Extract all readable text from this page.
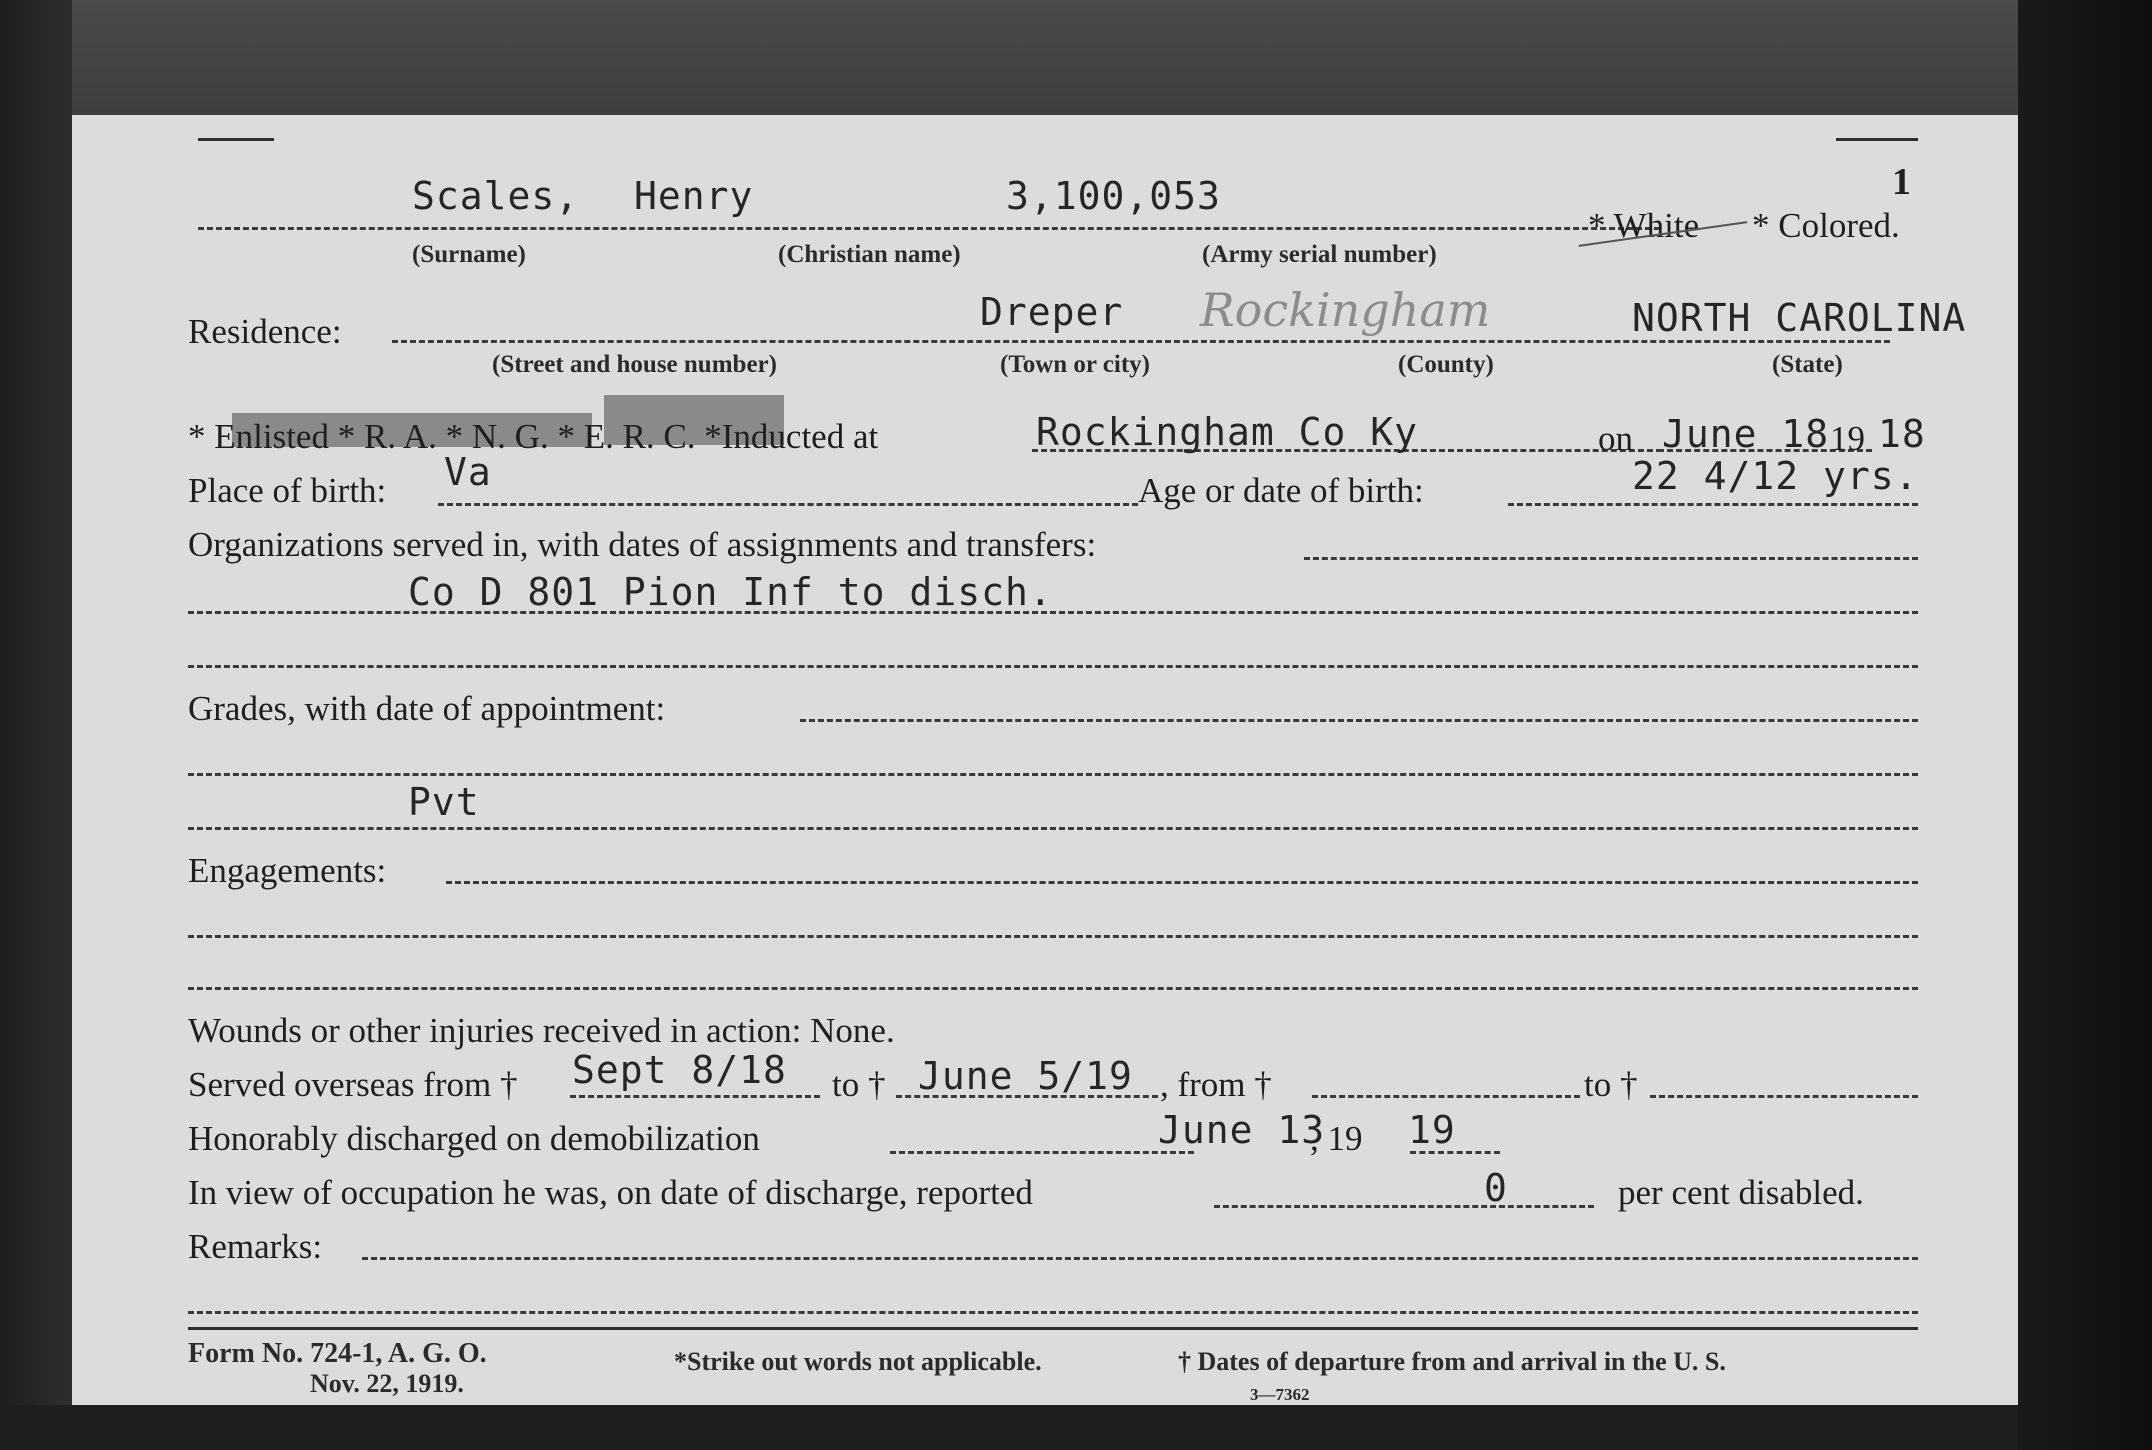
1
Scales, Henry	3,100,053
* White * Colored.
(Surname)	(Christian name)	(Army serial number)
Residence:	Dreper Rockingham	NORTH CAROLINA
(Street and house number)	(Town or city)	(County)	(State)
* Enlisted * R. A. * N. G. * E. R. C. *Inducted at	Rockingham Co Ky	on June 18 19 18
Place of birth: Va	Age or date of birth:	22 4/12 yrs.
Organizations served in, with dates of assignments and transfers:
Co D 801 Pion Inf to disch.
Grades, with date of appointment:
Pvt
Engagements:
Wounds or other injuries received in action: None.
Served overseas from † Sept 8/18 to † June 5/19 , from †	to †
Honorably discharged on demobilization	June 13
, 19 19
In view of occupation he was, on date of discharge, reported	0	per cent disabled.
Remarks:
Form No. 724-1, A. G. O.
Nov. 22, 1919.
*Strike out words not applicable.	† Dates of departure from and arrival in the U. S.
3—7362
